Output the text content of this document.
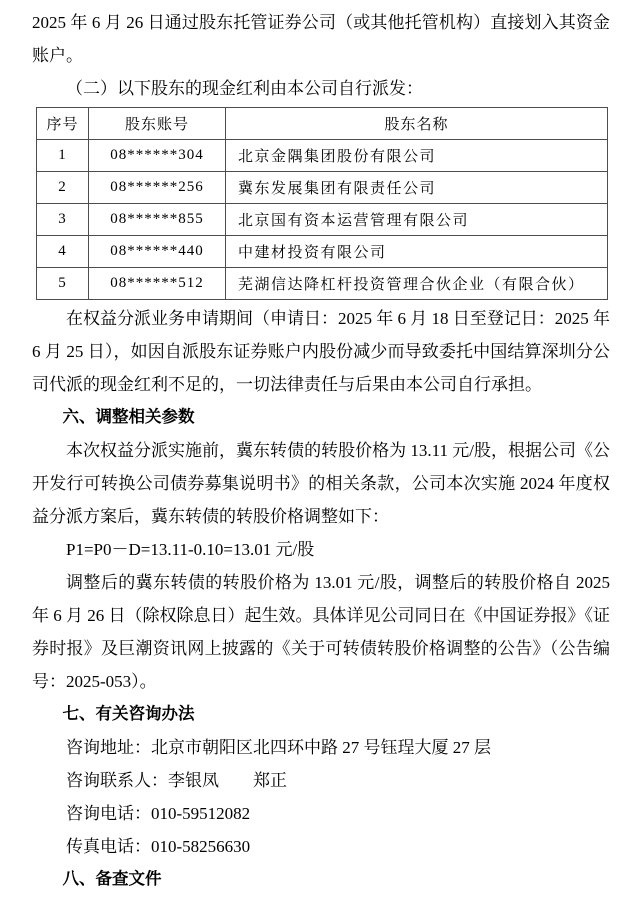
2025 年 6 月 26 日通过股东托管证券公司（或其他托管机构）直接划入其资金账户。

（二）以下股东的现金红利由本公司自行派发：

序号	股东账号	股东名称
1	08******304	北京金隅集团股份有限公司
2	08******256	冀东发展集团有限责任公司
3	08******855	北京国有资本运营管理有限公司
4	08******440	中建材投资有限公司
5	08******512	芜湖信达降杠杆投资管理合伙企业（有限合伙）

在权益分派业务申请期间（申请日：2025 年 6 月 18 日至登记日：2025 年 6 月 25 日），如因自派股东证券账户内股份减少而导致委托中国结算深圳分公司代派的现金红利不足的，一切法律责任与后果由本公司自行承担。

六、调整相关参数

本次权益分派实施前，冀东转债的转股价格为 13.11 元/股，根据公司《公开发行可转换公司债券募集说明书》的相关条款，公司本次实施 2024 年度权益分派方案后，冀东转债的转股价格调整如下：

P1=P0－D=13.11-0.10=13.01 元/股

调整后的冀东转债的转股价格为 13.01 元/股，调整后的转股价格自 2025 年 6 月 26 日（除权除息日）起生效。具体详见公司同日在《中国证券报》《证券时报》及巨潮资讯网上披露的《关于可转债转股价格调整的公告》（公告编号：2025-053）。

七、有关咨询办法

咨询地址：北京市朝阳区北四环中路 27 号钰珵大厦 27 层

咨询联系人：李银凤　　郑正

咨询电话：010-59512082

传真电话：010-58256630

八、备查文件
